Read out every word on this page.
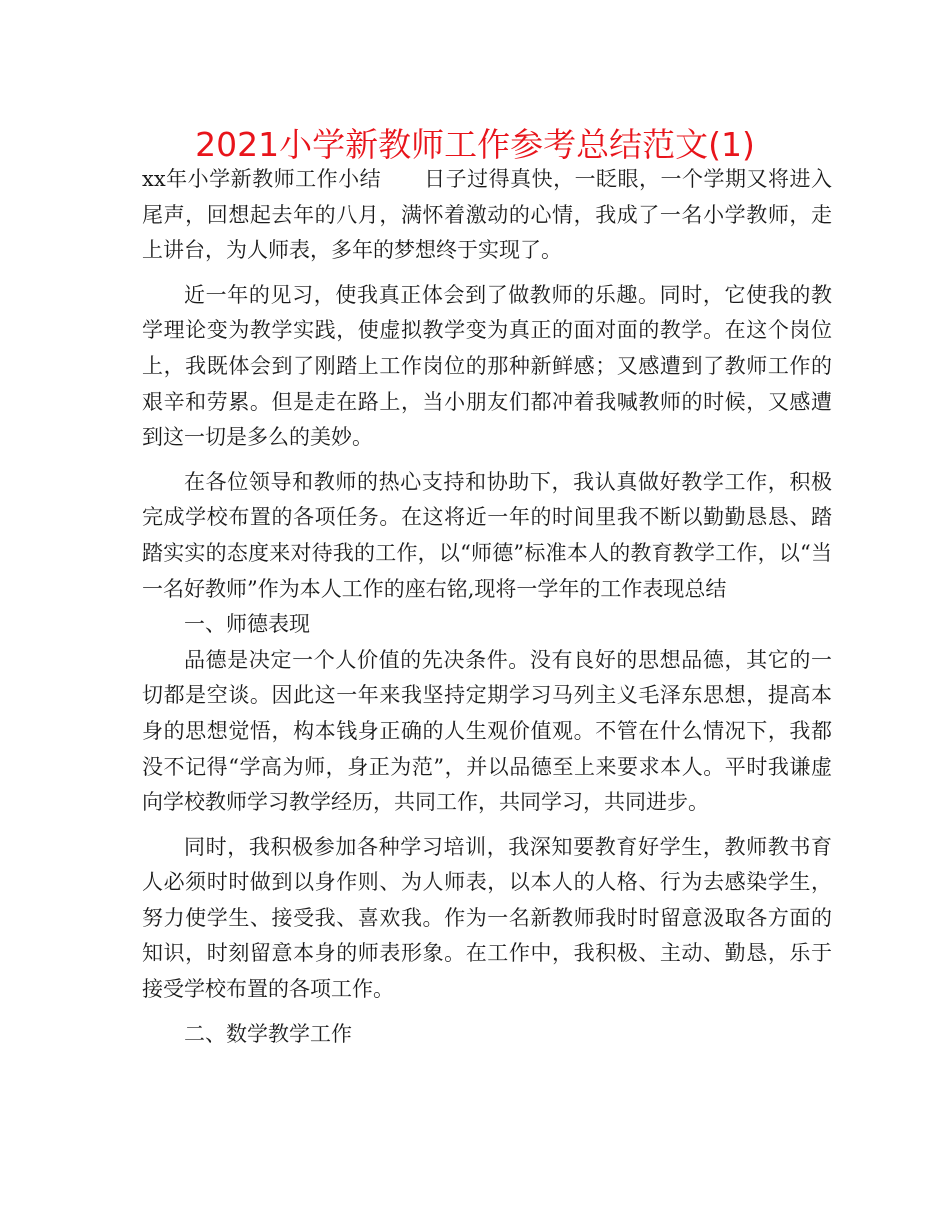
2021小学新教师工作参考总结范文(1)

xx年小学新教师工作小结　　日子过得真快，一眨眼，一个学期又将进入尾声，回想起去年的八月，满怀着激动的心情，我成了一名小学教师，走上讲台，为人师表，多年的梦想终于实现了。

近一年的见习，使我真正体会到了做教师的乐趣。同时，它使我的教学理论变为教学实践，使虚拟教学变为真正的面对面的教学。在这个岗位上，我既体会到了刚踏上工作岗位的那种新鲜感；又感遭到了教师工作的艰辛和劳累。但是走在路上，当小朋友们都冲着我喊教师的时候，又感遭到这一切是多么的美妙。

在各位领导和教师的热心支持和协助下，我认真做好教学工作，积极完成学校布置的各项任务。在这将近一年的时间里我不断以勤勤恳恳、踏踏实实的态度来对待我的工作，以“师德”标准本人的教育教学工作，以“当一名好教师”作为本人工作的座右铭,现将一学年的工作表现总结

一、师德表现

品德是决定一个人价值的先决条件。没有良好的思想品德，其它的一切都是空谈。因此这一年来我坚持定期学习马列主义毛泽东思想，提高本身的思想觉悟，构本钱身正确的人生观价值观。不管在什么情况下，我都没不记得“学高为师，身正为范”，并以品德至上来要求本人。平时我谦虚向学校教师学习教学经历，共同工作，共同学习，共同进步。

同时，我积极参加各种学习培训，我深知要教育好学生，教师教书育人必须时时做到以身作则、为人师表，以本人的人格、行为去感染学生，努力使学生、接受我、喜欢我。作为一名新教师我时时留意汲取各方面的知识，时刻留意本身的师表形象。在工作中，我积极、主动、勤恳，乐于接受学校布置的各项工作。

二、数学教学工作
